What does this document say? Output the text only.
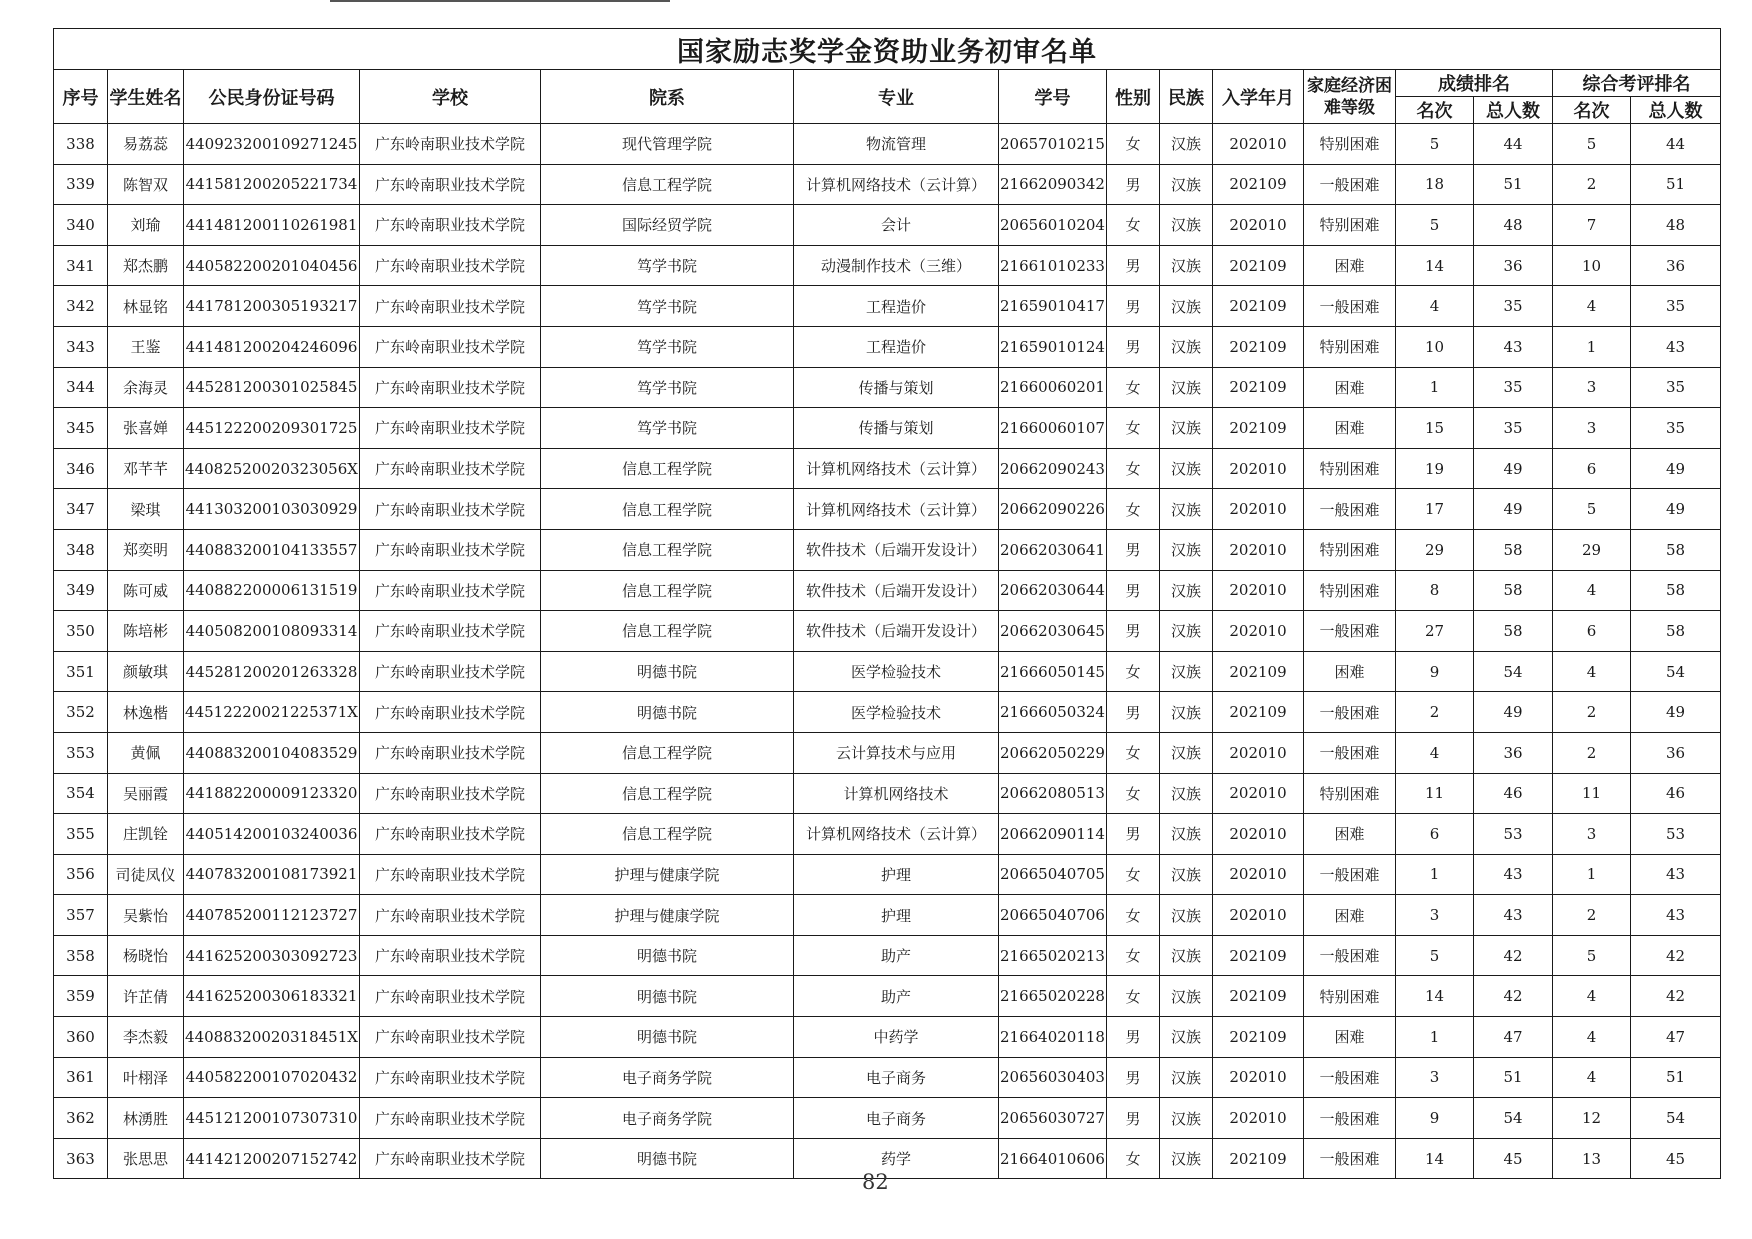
国家励志奖学金资助业务初审名单														
序号	学生姓名	公民身份证号码	学校	院系	专业	学号	性别	民族	入学年月	家庭经济困难等级	成绩排名		综合考评排名	
											名次	总人数	名次	总人数
338	易荔蕊	440923200109271245	广东岭南职业技术学院	现代管理学院	物流管理	20657010215	女	汉族	202010	特别困难	5	44	5	44
339	陈智双	441581200205221734	广东岭南职业技术学院	信息工程学院	计算机网络技术（云计算）	21662090342	男	汉族	202109	一般困难	18	51	2	51
340	刘瑜	441481200110261981	广东岭南职业技术学院	国际经贸学院	会计	20656010204	女	汉族	202010	特别困难	5	48	7	48
341	郑杰鹏	440582200201040456	广东岭南职业技术学院	笃学书院	动漫制作技术（三维）	21661010233	男	汉族	202109	困难	14	36	10	36
342	林显铭	441781200305193217	广东岭南职业技术学院	笃学书院	工程造价	21659010417	男	汉族	202109	一般困难	4	35	4	35
343	王鉴	441481200204246096	广东岭南职业技术学院	笃学书院	工程造价	21659010124	男	汉族	202109	特别困难	10	43	1	43
344	余海灵	445281200301025845	广东岭南职业技术学院	笃学书院	传播与策划	21660060201	女	汉族	202109	困难	1	35	3	35
345	张喜婵	445122200209301725	广东岭南职业技术学院	笃学书院	传播与策划	21660060107	女	汉族	202109	困难	15	35	3	35
346	邓芊芊	44082520020323056X	广东岭南职业技术学院	信息工程学院	计算机网络技术（云计算）	20662090243	女	汉族	202010	特别困难	19	49	6	49
347	梁琪	441303200103030929	广东岭南职业技术学院	信息工程学院	计算机网络技术（云计算）	20662090226	女	汉族	202010	一般困难	17	49	5	49
348	郑奕明	440883200104133557	广东岭南职业技术学院	信息工程学院	软件技术（后端开发设计）	20662030641	男	汉族	202010	特别困难	29	58	29	58
349	陈可威	440882200006131519	广东岭南职业技术学院	信息工程学院	软件技术（后端开发设计）	20662030644	男	汉族	202010	特别困难	8	58	4	58
350	陈培彬	440508200108093314	广东岭南职业技术学院	信息工程学院	软件技术（后端开发设计）	20662030645	男	汉族	202010	一般困难	27	58	6	58
351	颜敏琪	445281200201263328	广东岭南职业技术学院	明德书院	医学检验技术	21666050145	女	汉族	202109	困难	9	54	4	54
352	林逸楷	44512220021225371X	广东岭南职业技术学院	明德书院	医学检验技术	21666050324	男	汉族	202109	一般困难	2	49	2	49
353	黄佩	440883200104083529	广东岭南职业技术学院	信息工程学院	云计算技术与应用	20662050229	女	汉族	202010	一般困难	4	36	2	36
354	吴丽霞	441882200009123320	广东岭南职业技术学院	信息工程学院	计算机网络技术	20662080513	女	汉族	202010	特别困难	11	46	11	46
355	庄凯铨	440514200103240036	广东岭南职业技术学院	信息工程学院	计算机网络技术（云计算）	20662090114	男	汉族	202010	困难	6	53	3	53
356	司徒凤仪	440783200108173921	广东岭南职业技术学院	护理与健康学院	护理	20665040705	女	汉族	202010	一般困难	1	43	1	43
357	吴紫怡	440785200112123727	广东岭南职业技术学院	护理与健康学院	护理	20665040706	女	汉族	202010	困难	3	43	2	43
358	杨晓怡	441625200303092723	广东岭南职业技术学院	明德书院	助产	21665020213	女	汉族	202109	一般困难	5	42	5	42
359	许芷倩	441625200306183321	广东岭南职业技术学院	明德书院	助产	21665020228	女	汉族	202109	特别困难	14	42	4	42
360	李杰毅	44088320020318451X	广东岭南职业技术学院	明德书院	中药学	21664020118	男	汉族	202109	困难	1	47	4	47
361	叶栩泽	440582200107020432	广东岭南职业技术学院	电子商务学院	电子商务	20656030403	男	汉族	202010	一般困难	3	51	4	51
362	林湧胜	445121200107307310	广东岭南职业技术学院	电子商务学院	电子商务	20656030727	男	汉族	202010	一般困难	9	54	12	54
363	张思思	441421200207152742	广东岭南职业技术学院	明德书院	药学	21664010606	女	汉族	202109	一般困难	14	45	13	45
82
